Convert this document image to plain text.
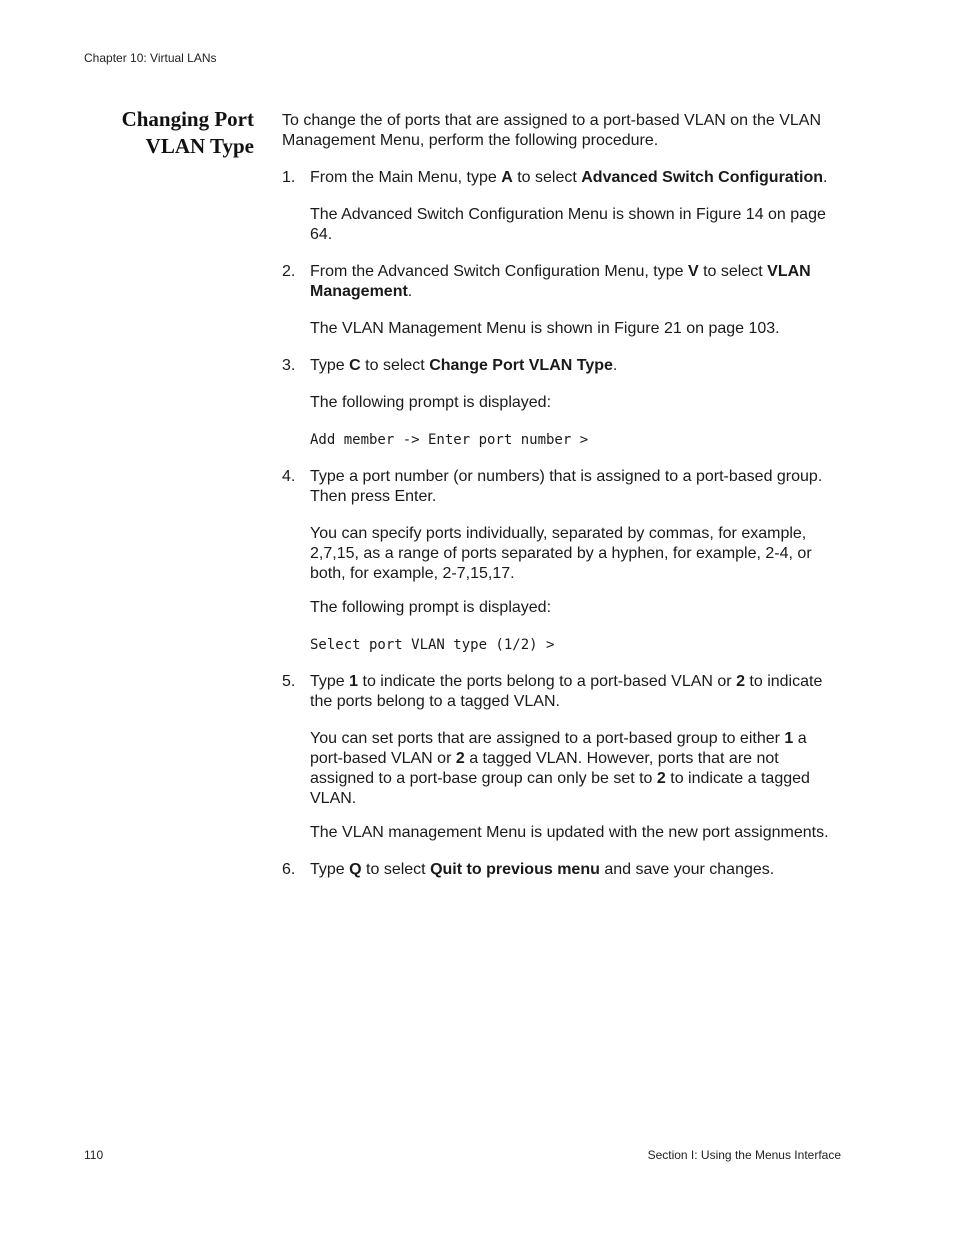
Chapter 10: Virtual LANs
Changing Port
VLAN Type

To change the of ports that are assigned to a port-based VLAN on the VLAN Management Menu, perform the following procedure.

1. From the Main Menu, type A to select Advanced Switch Configuration.

The Advanced Switch Configuration Menu is shown in Figure 14 on page 64.

2. From the Advanced Switch Configuration Menu, type V to select VLAN Management.

The VLAN Management Menu is shown in Figure 21 on page 103.

3. Type C to select Change Port VLAN Type.

The following prompt is displayed:

Add member -> Enter port number >
4. Type a port number (or numbers) that is assigned to a port-based group. Then press Enter.

You can specify ports individually, separated by commas, for example, 2,7,15, as a range of ports separated by a hyphen, for example, 2-4, or both, for example, 2-7,15,17.

The following prompt is displayed:

Select port VLAN type (1/2) >
5. Type 1 to indicate the ports belong to a port-based VLAN or 2 to indicate the ports belong to a tagged VLAN.

You can set ports that are assigned to a port-based group to either 1 a port-based VLAN or 2 a tagged VLAN. However, ports that are not assigned to a port-base group can only be set to 2 to indicate a tagged VLAN.

The VLAN management Menu is updated with the new port assignments.

6. Type Q to select Quit to previous menu and save your changes.
110	Section I: Using the Menus Interface
